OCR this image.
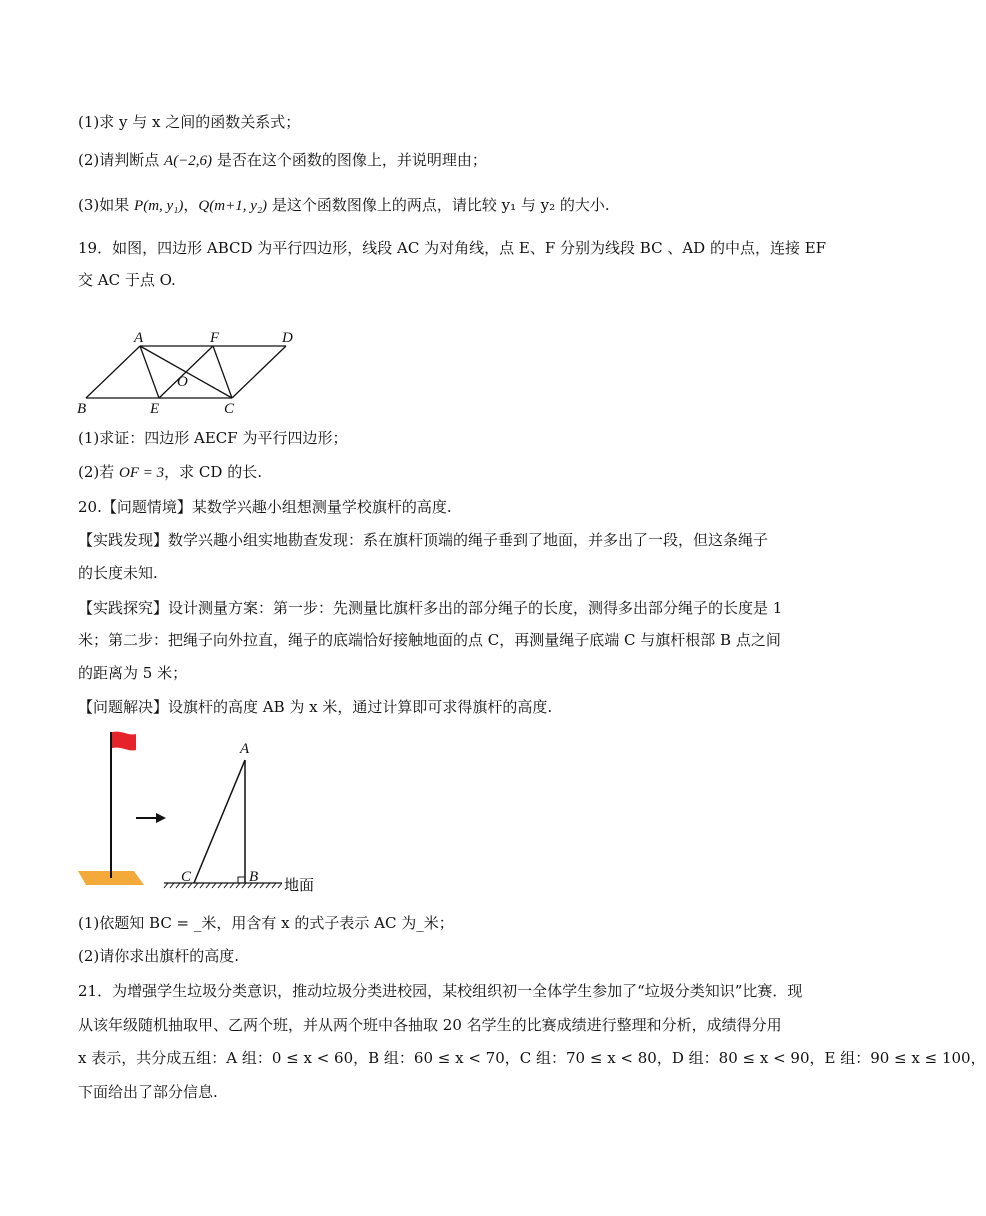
(1)求 y 与 x 之间的函数关系式；
(2)请判断点 A(−2,6) 是否在这个函数的图像上，并说明理由；
(3)如果 P(m, y₁)，Q(m+1, y₂) 是这个函数图像上的两点，请比较 y₁ 与 y₂ 的大小.
19．如图，四边形 ABCD 为平行四边形，线段 AC 为对角线，点 E、F 分别为线段 BC 、AD 的中点，连接 EF
交 AC 于点 O.
A	F	D
O
B	E	C
(1)求证：四边形 AECF 为平行四边形；
(2)若 OF = 3，求 CD 的长.
20.【问题情境】某数学兴趣小组想测量学校旗杆的高度.
【实践发现】数学兴趣小组实地勘查发现：系在旗杆顶端的绳子垂到了地面，并多出了一段，但这条绳子
的长度未知.
【实践探究】设计测量方案：第一步：先测量比旗杆多出的部分绳子的长度，测得多出部分绳子的长度是 1
米；第二步：把绳子向外拉直，绳子的底端恰好接触地面的点 C，再测量绳子底端 C 与旗杆根部 B 点之间
的距离为 5 米；
【问题解决】设旗杆的高度 AB 为 x 米，通过计算即可求得旗杆的高度.
A
C	B
地面
(1)依题知 BC = _米，用含有 x 的式子表示 AC 为_米；
(2)请你求出旗杆的高度.
21．为增强学生垃圾分类意识，推动垃圾分类进校园，某校组织初一全体学生参加了“垃圾分类知识”比赛．现
从该年级随机抽取甲、乙两个班，并从两个班中各抽取 20 名学生的比赛成绩进行整理和分析，成绩得分用
x 表示，共分成五组：A 组：0 ≤ x < 60，B 组：60 ≤ x < 70，C 组：70 ≤ x < 80，D 组：80 ≤ x < 90，E 组：90 ≤ x ≤ 100，
下面给出了部分信息.
